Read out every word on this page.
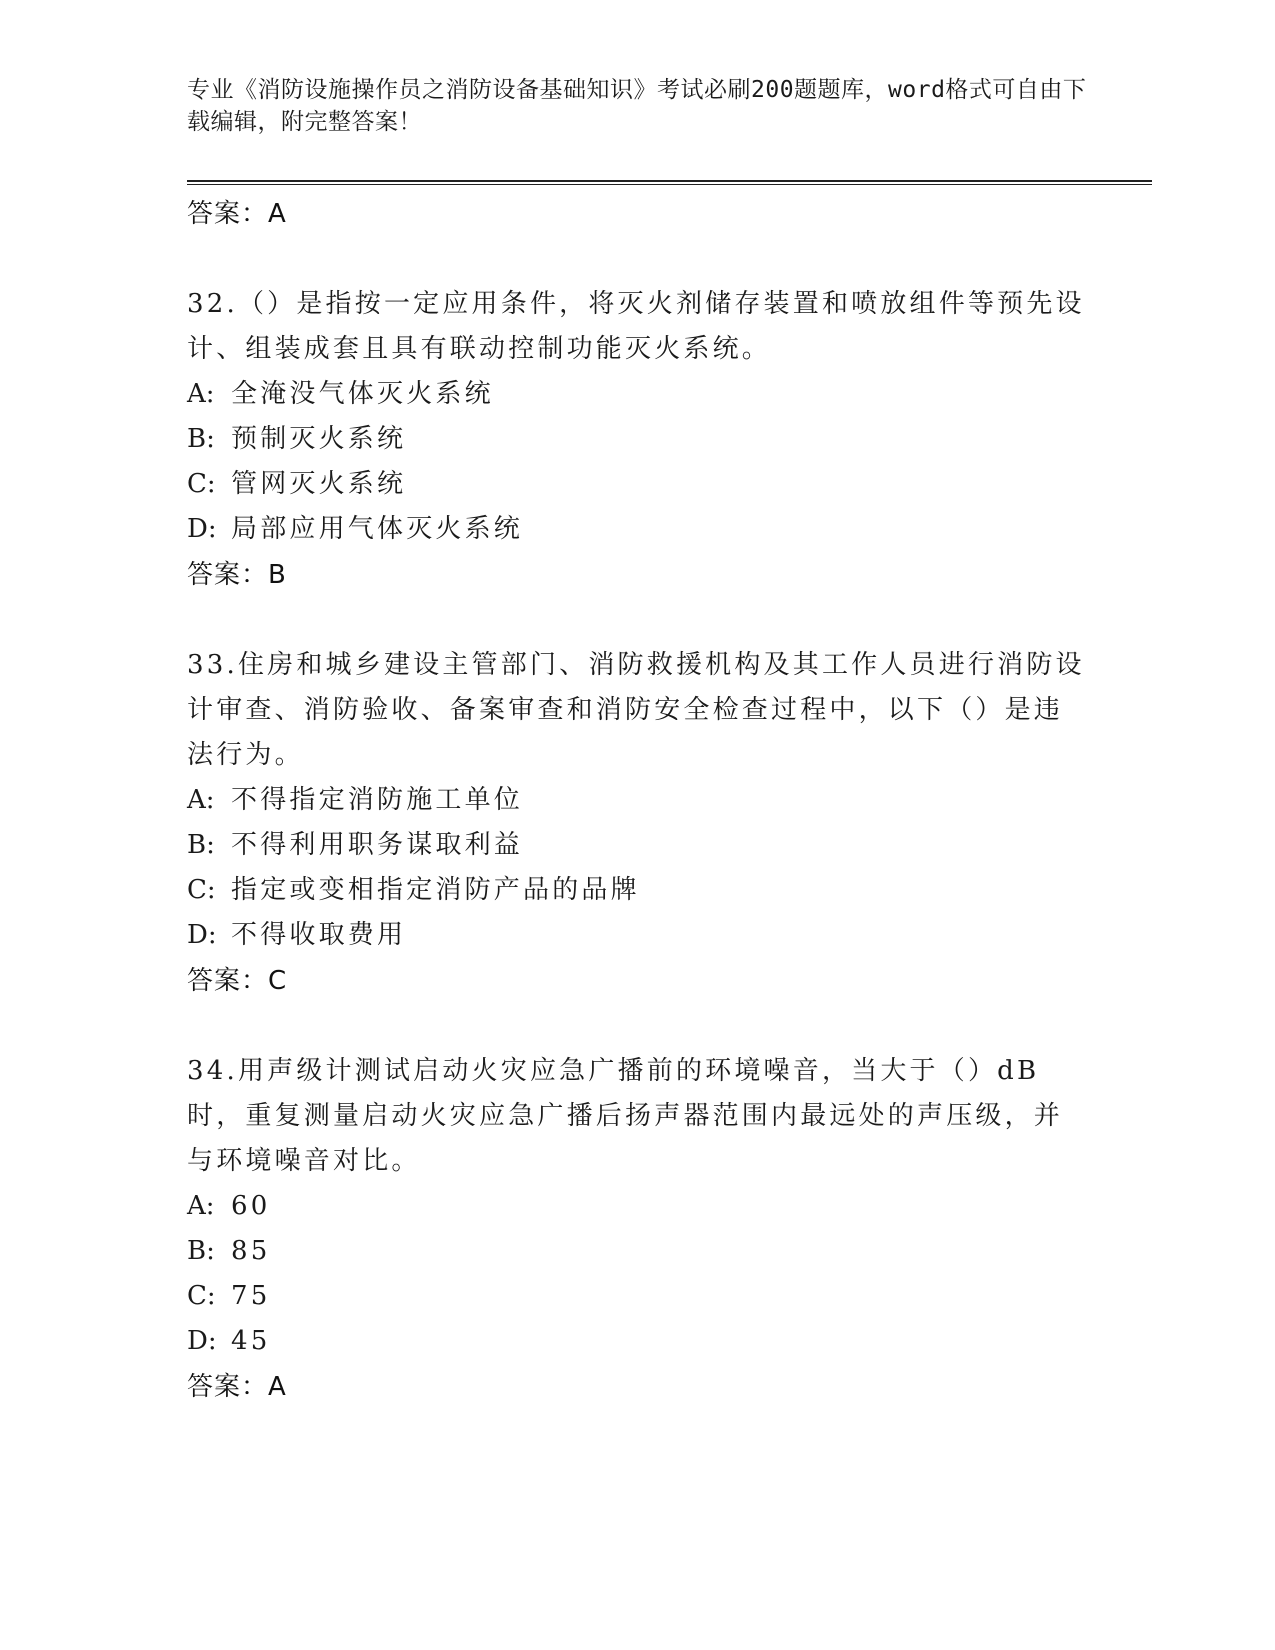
专业《消防设施操作员之消防设备基础知识》考试必刷200题题库，word格式可自由下载编辑，附完整答案！
答案：A
32.（）是指按一定应用条件，将灭火剂储存装置和喷放组件等预先设计、组装成套且具有联动控制功能灭火系统。
A: 全淹没气体灭火系统
B: 预制灭火系统
C: 管网灭火系统
D: 局部应用气体灭火系统
答案：B
33.住房和城乡建设主管部门、消防救援机构及其工作人员进行消防设计审查、消防验收、备案审查和消防安全检查过程中，以下（）是违法行为。
A: 不得指定消防施工单位
B: 不得利用职务谋取利益
C: 指定或变相指定消防产品的品牌
D: 不得收取费用
答案：C
34.用声级计测试启动火灾应急广播前的环境噪音，当大于（）dB时，重复测量启动火灾应急广播后扬声器范围内最远处的声压级，并与环境噪音对比。
A: 60
B: 85
C: 75
D: 45
答案：A
